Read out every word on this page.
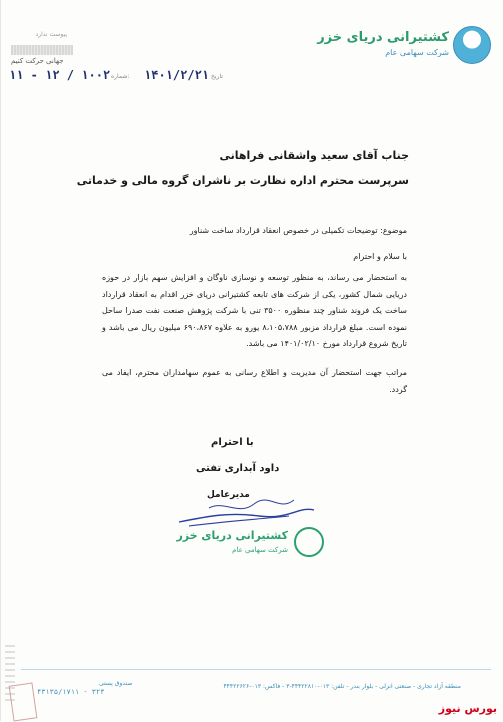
کشتیرانی دریای خزر
شرکت سهامی عام
پیوست ندارد
جهانی حرکت کنیم
تاریخ
۱۴۰۱/۲/۲۱
شماره:
۱۱ - ۱۲ / ۱۰۰۲
جناب آقای سعید واشقانی فراهانی
سرپرست محترم اداره نظارت بر ناشران گروه مالی و خدماتی
موضوع: توضیحات تکمیلی در خصوص انعقاد قرارداد ساخت شناور
با سلام و احترام
به استحضار می رساند، به منظور توسعه و نوسازی ناوگان و افزایش سهم بازار در حوزه دریایی شمال کشور، یکی از شرکت های تابعه کشتیرانی دریای خزر اقدام به انعقاد قرارداد ساخت یک فروند شناور چند منظوره ۳۵۰۰ تنی با شرکت پژوهش صنعت نفت صدرا ساحل نموده است. مبلغ قرارداد مزبور ۸،۱۰۵،۷۸۸ یورو به علاوه ۶۹۰،۸۶۷ میلیون ریال می باشد و تاریخ شروع قرارداد مورخ ۱۴۰۱/۰۲/۱۰ می باشد.
مراتب جهت استحضار آن مدیریت و اطلاع رسانی به عموم سهامداران محترم، ایفاد می گردد.
با احترام
داود آبداری تفتی
مدیرعامل
کشتیرانی دریای خزر
شرکت سهامی عام
منطقه آزاد تجاری - صنعتی انزلی - بلوار بندر - تلفن: ۰۱۳-۴۴۴۲۲۸۱۰-۳ - فاکس: ۰۱۳-۴۴۴۲۲۶۲۶
صندوق پستی
۴۳۱۳۵/۱۷۱۱ - ۳۲۴
بورس نیوز
